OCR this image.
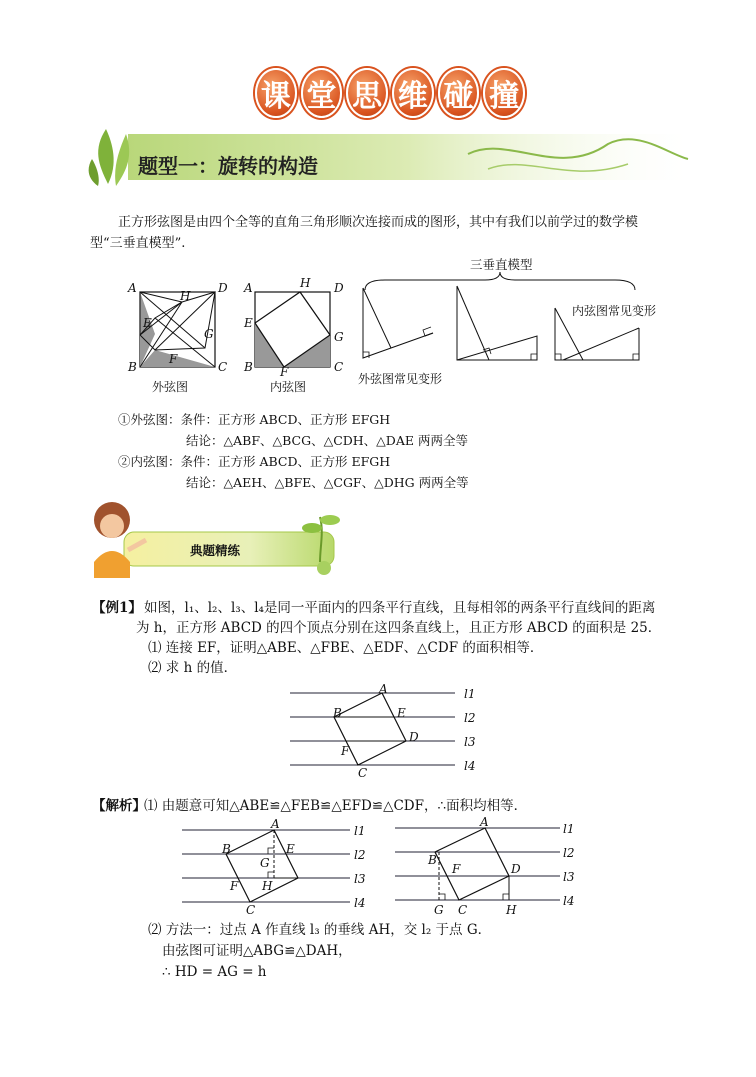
课 堂 思 维 碰 撞
题型一：旋转的构造
正方形弦图是由四个全等的直角三角形顺次连接而成的图形，其中有我们以前学过的数学模
型“三垂直模型”.
A	D
H
E
G
B
F
C
外弦图
H D
A
E
G
B F	C
内弦图
三垂直模型
内弦图常见变形
外弦图常见变形
①外弦图：条件：正方形 ABCD、正方形 EFGH
结论：△ABF、△BCG、△CDH、△DAE 两两全等
②内弦图：条件：正方形 ABCD、正方形 EFGH
结论：△AEH、△BFE、△CGF、△DHG 两两全等
典题精练
【例1】 如图，l₁、l₂、l₃、l₄是同一平面内的四条平行直线，且每相邻的两条平行直线间的距离
为 h，正方形 ABCD 的四个顶点分别在这四条直线上，且正方形 ABCD 的面积是 25．
⑴ 连接 EF，证明△ABE、△FBE、△EDF、△CDF 的面积相等．
⑵ 求 h 的值．
A
B	E
D
F
C
l1
l2
l3
l4
【解析】
⑴ 由题意可知△ABE≌△FEB≌△EFD≌△CDF，∴面积均相等．
A
B
G
E
F H
C
l1
l2
l3
l4
A
B
F	D
G C	H
l1
l2
l3
l4
⑵ 方法一：过点 A 作直线 l₃ 的垂线 AH，交 l₂ 于点 G．
由弦图可证明△ABG≌△DAH，
∴ HD = AG = h
